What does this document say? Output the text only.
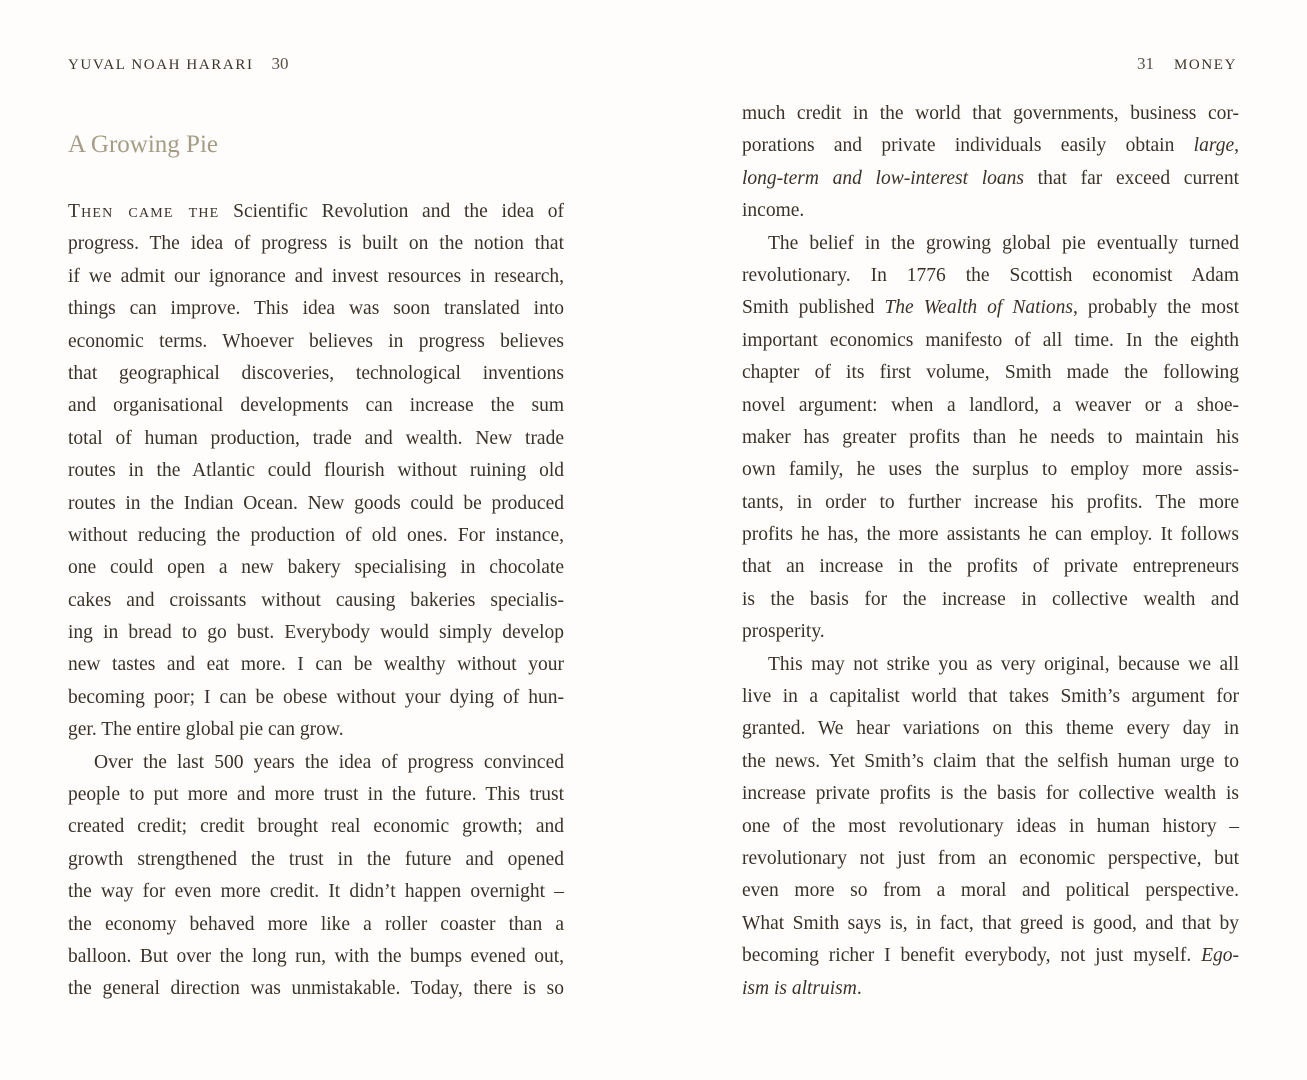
YUVAL NOAH HARARI 30
A Growing Pie
Then came the Scientific Revolution and the idea of
progress. The idea of progress is built on the notion that
if we admit our ignorance and invest resources in research,
things can improve. This idea was soon translated into
economic terms. Whoever believes in progress believes
that geographical discoveries, technological inventions
and organisational developments can increase the sum
total of human production, trade and wealth. New trade
routes in the Atlantic could flourish without ruining old
routes in the Indian Ocean. New goods could be produced
without reducing the production of old ones. For instance,
one could open a new bakery specialising in chocolate
cakes and croissants without causing bakeries specialis-
ing in bread to go bust. Everybody would simply develop
new tastes and eat more. I can be wealthy without your
becoming poor; I can be obese without your dying of hun-
ger. The entire global pie can grow.
Over the last 500 years the idea of progress convinced
people to put more and more trust in the future. This trust
created credit; credit brought real economic growth; and
growth strengthened the trust in the future and opened
the way for even more credit. It didn’t happen overnight –
the economy behaved more like a roller coaster than a
balloon. But over the long run, with the bumps evened out,
the general direction was unmistakable. Today, there is so
31 MONEY
much credit in the world that governments, business cor-
porations and private individuals easily obtain large,
long-term and low-interest loans that far exceed current
income.
The belief in the growing global pie eventually turned
revolutionary. In 1776 the Scottish economist Adam
Smith published The Wealth of Nations, probably the most
important economics manifesto of all time. In the eighth
chapter of its first volume, Smith made the following
novel argument: when a landlord, a weaver or a shoe-
maker has greater profits than he needs to maintain his
own family, he uses the surplus to employ more assis-
tants, in order to further increase his profits. The more
profits he has, the more assistants he can employ. It follows
that an increase in the profits of private entrepreneurs
is the basis for the increase in collective wealth and
prosperity.
This may not strike you as very original, because we all
live in a capitalist world that takes Smith’s argument for
granted. We hear variations on this theme every day in
the news. Yet Smith’s claim that the selfish human urge to
increase private profits is the basis for collective wealth is
one of the most revolutionary ideas in human history –
revolutionary not just from an economic perspective, but
even more so from a moral and political perspective.
What Smith says is, in fact, that greed is good, and that by
becoming richer I benefit everybody, not just myself. Ego-
ism is altruism.
